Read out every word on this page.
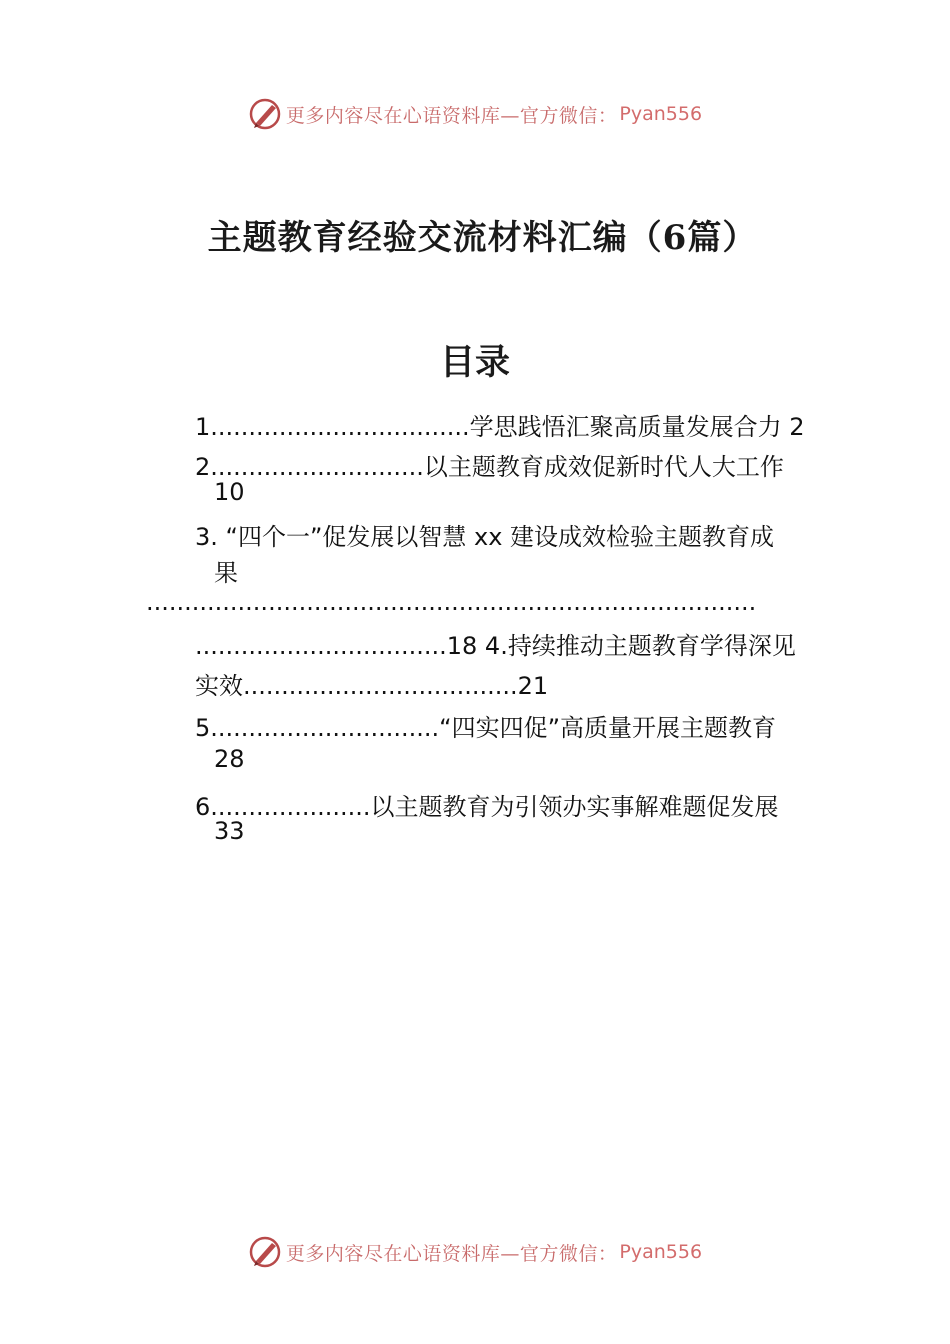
更多内容尽在心语资料库—官方微信： Pyan556
主题教育经验交流材料汇编（6篇）
目录
1..................................学思践悟汇聚高质量发展合力 2
2............................以主题教育成效促新时代人大工作
10
3. “四个一”促发展以智慧 xx 建设成效检验主题教育成
果
................................................................................
.................................18 4.持续推动主题教育学得深见
实效....................................21
5..............................“四实四促”高质量开展主题教育
28
6.....................以主题教育为引领办实事解难题促发展
33
更多内容尽在心语资料库—官方微信： Pyan556
